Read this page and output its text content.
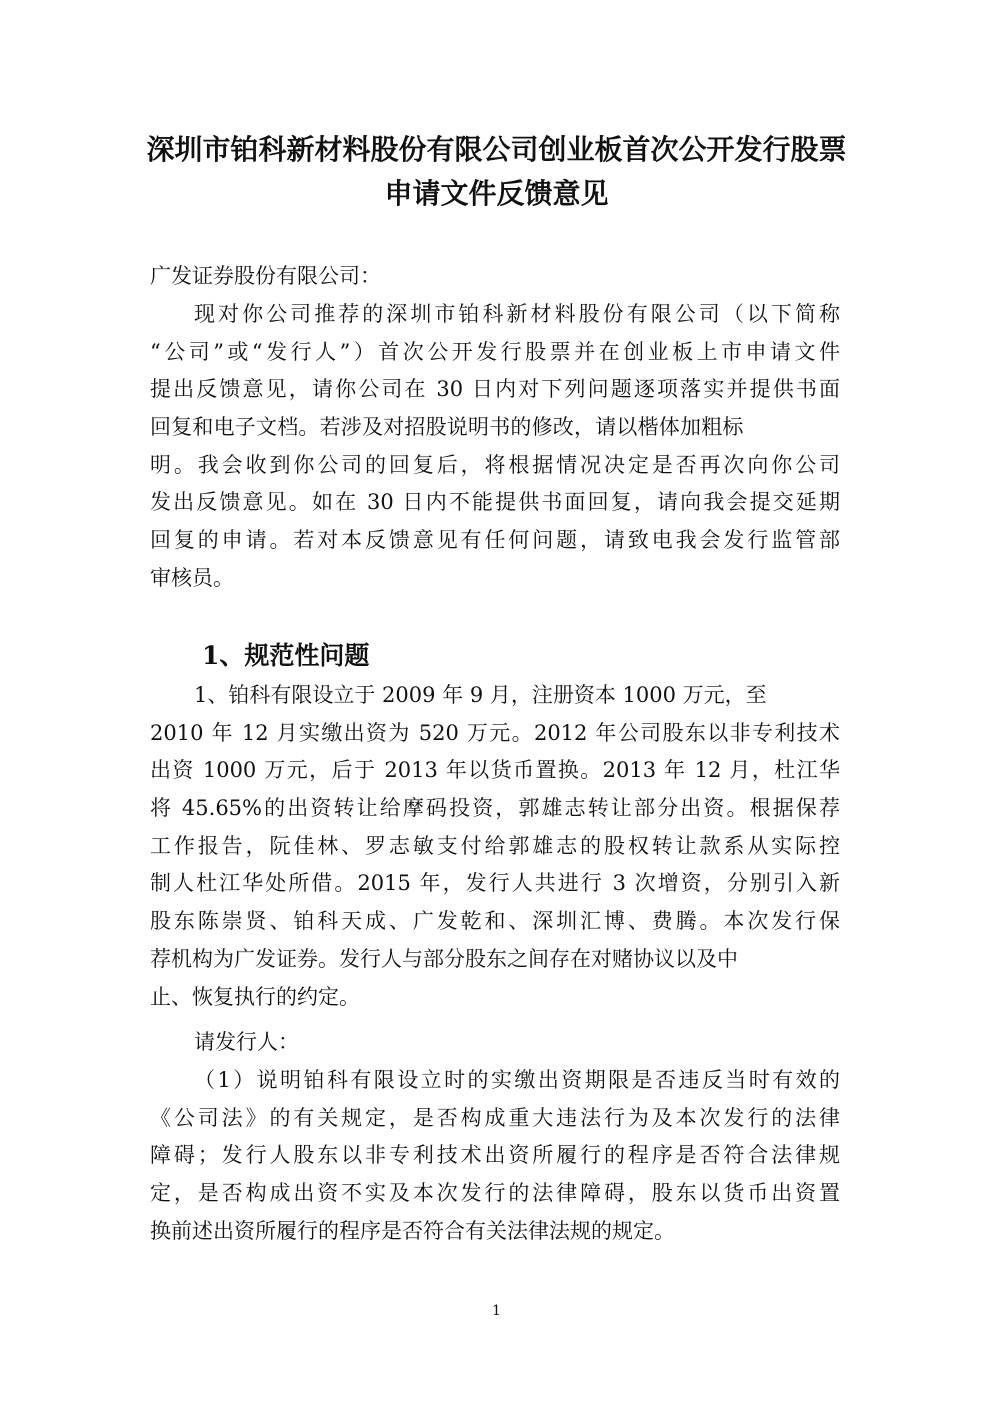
深圳市铂科新材料股份有限公司创业板首次公开发行股票
申请文件反馈意见
广发证券股份有限公司：
现对你公司推荐的深圳市铂科新材料股份有限公司（以下简称
“公司”或“发行人”）首次公开发行股票并在创业板上市申请文件
提出反馈意见，请你公司在 30 日内对下列问题逐项落实并提供书面
回复和电子文档。若涉及对招股说明书的修改，请以楷体加粗标
明。我会收到你公司的回复后，将根据情况决定是否再次向你公司
发出反馈意见。如在 30 日内不能提供书面回复，请向我会提交延期
回复的申请。若对本反馈意见有任何问题，请致电我会发行监管部
审核员。
1、规范性问题
1、铂科有限设立于 2009 年 9 月，注册资本 1000 万元，至
2010 年 12 月实缴出资为 520 万元。2012 年公司股东以非专利技术
出资 1000 万元，后于 2013 年以货币置换。2013 年 12 月，杜江华
将 45.65%的出资转让给摩码投资，郭雄志转让部分出资。根据保荐
工作报告，阮佳林、罗志敏支付给郭雄志的股权转让款系从实际控
制人杜江华处所借。2015 年，发行人共进行 3 次增资，分别引入新
股东陈崇贤、铂科天成、广发乾和、深圳汇博、费腾。本次发行保
荐机构为广发证券。发行人与部分股东之间存在对赌协议以及中
止、恢复执行的约定。
请发行人：
（1）说明铂科有限设立时的实缴出资期限是否违反当时有效的
《公司法》的有关规定，是否构成重大违法行为及本次发行的法律
障碍；发行人股东以非专利技术出资所履行的程序是否符合法律规
定，是否构成出资不实及本次发行的法律障碍，股东以货币出资置
换前述出资所履行的程序是否符合有关法律法规的规定。
1
